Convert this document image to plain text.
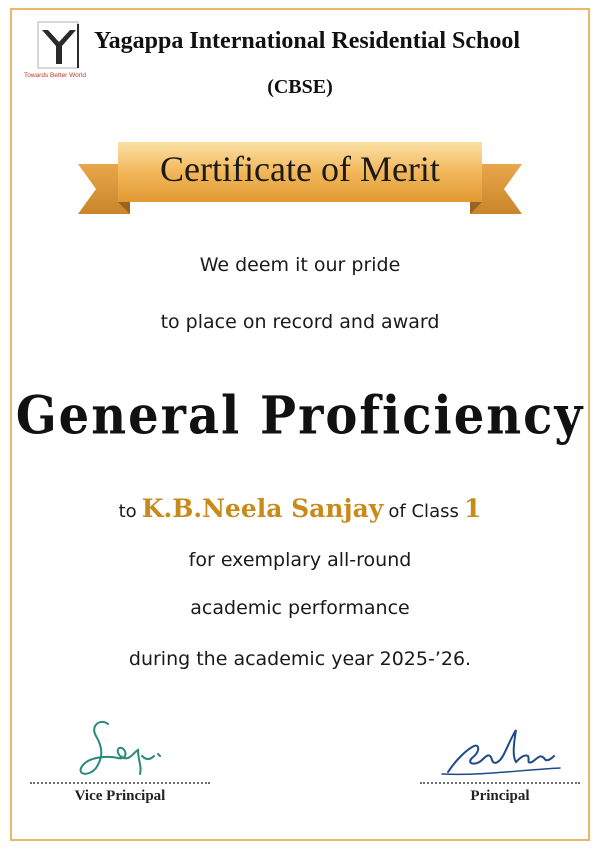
Towards Better World
Yagappa International Residential School
(CBSE)
Certificate of Merit
We deem it our pride
to place on record and award
General Proficiency
to K.B.Neela Sanjay of Class 1
for exemplary all-round
academic performance
during the academic year 2025-’26.
Vice Principal	Principal
